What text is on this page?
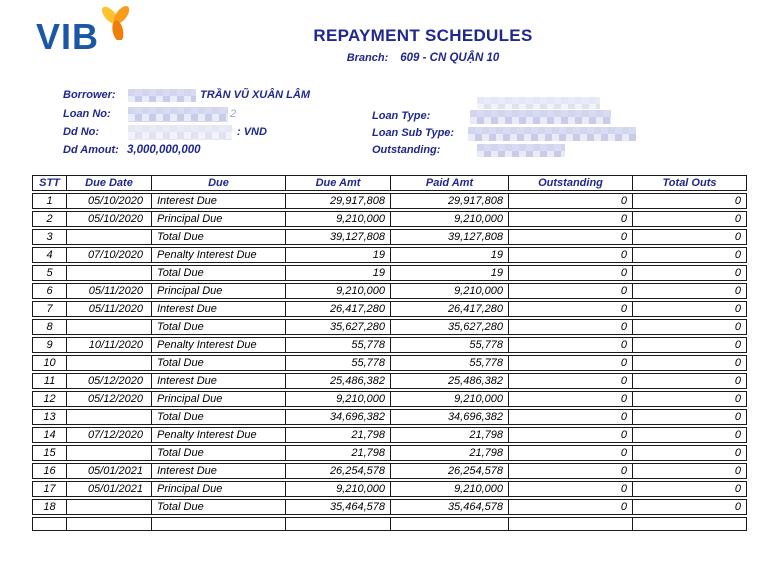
VIB	REPAYMENT SCHEDULES
Branch: 609 - CN QUẬN 10
Borrower:	TRẦN VŨ XUÂN LÂM
Loan No:	2
Dd No:	: VND
Dd Amout: 3,000,000,000
Loan Type:
Loan Sub Type:
Outstanding:
STT	Due Date	Due	Due Amt	Paid Amt	Outstanding	Total Outs
1	05/10/2020	Interest Due	29,917,808	29,917,808	0	0
2	05/10/2020	Principal Due	9,210,000	9,210,000	0	0
3		Total Due	39,127,808	39,127,808	0	0
4	07/10/2020	Penalty Interest Due	19	19	0	0
5		Total Due	19	19	0	0
6	05/11/2020	Principal Due	9,210,000	9,210,000	0	0
7	05/11/2020	Interest Due	26,417,280	26,417,280	0	0
8		Total Due	35,627,280	35,627,280	0	0
9	10/11/2020	Penalty Interest Due	55,778	55,778	0	0
10		Total Due	55,778	55,778	0	0
11	05/12/2020	Interest Due	25,486,382	25,486,382	0	0
12	05/12/2020	Principal Due	9,210,000	9,210,000	0	0
13		Total Due	34,696,382	34,696,382	0	0
14	07/12/2020	Penalty Interest Due	21,798	21,798	0	0
15		Total Due	21,798	21,798	0	0
16	05/01/2021	Interest Due	26,254,578	26,254,578	0	0
17	05/01/2021	Principal Due	9,210,000	9,210,000	0	0
18		Total Due	35,464,578	35,464,578	0	0
